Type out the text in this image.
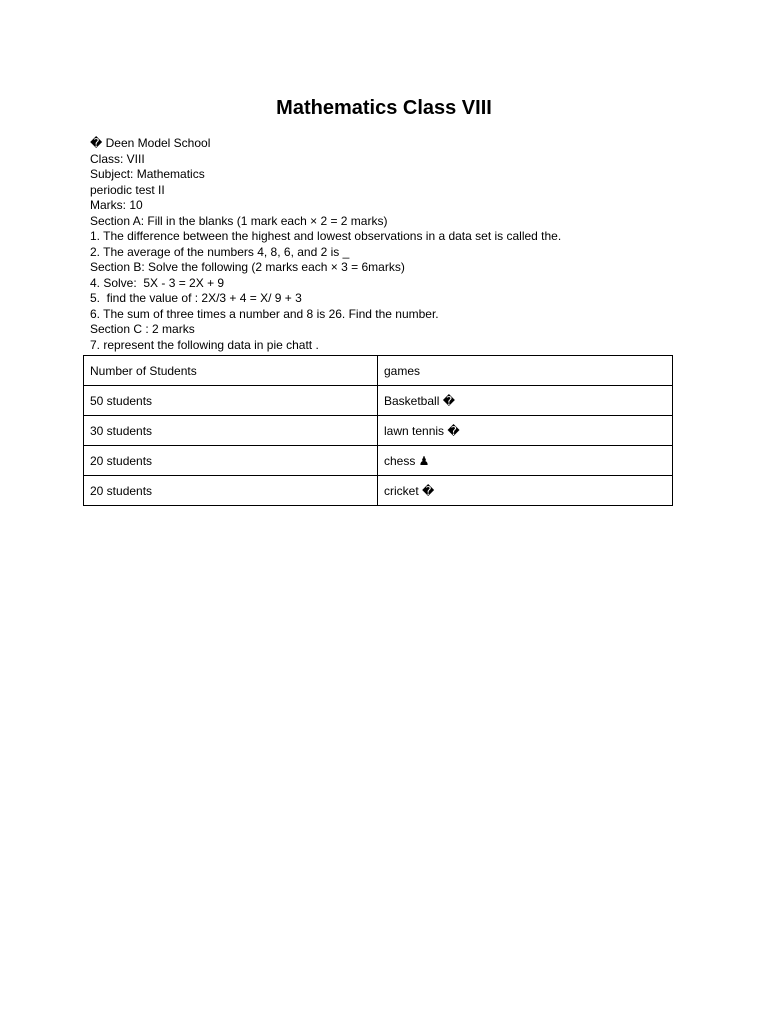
Mathematics Class VIII
� Deen Model School
Class: VIII
Subject: Mathematics
periodic test II
Marks: 10
Section A: Fill in the blanks (1 mark each × 2 = 2 marks)
1. The difference between the highest and lowest observations in a data set is called the.
2. The average of the numbers 4, 8, 6, and 2 is _
Section B: Solve the following (2 marks each × 3 = 6marks)
4. Solve:  5X - 3 = 2X + 9
5.  find the value of : 2X/3 + 4 = X/ 9 + 3
6. The sum of three times a number and 8 is 26. Find the number.
Section C : 2 marks
7. represent the following data in pie chatt .
Number of Students	games
50 students	Basketball �
30 students	lawn tennis �
20 students	chess ♟
20 students	cricket �
